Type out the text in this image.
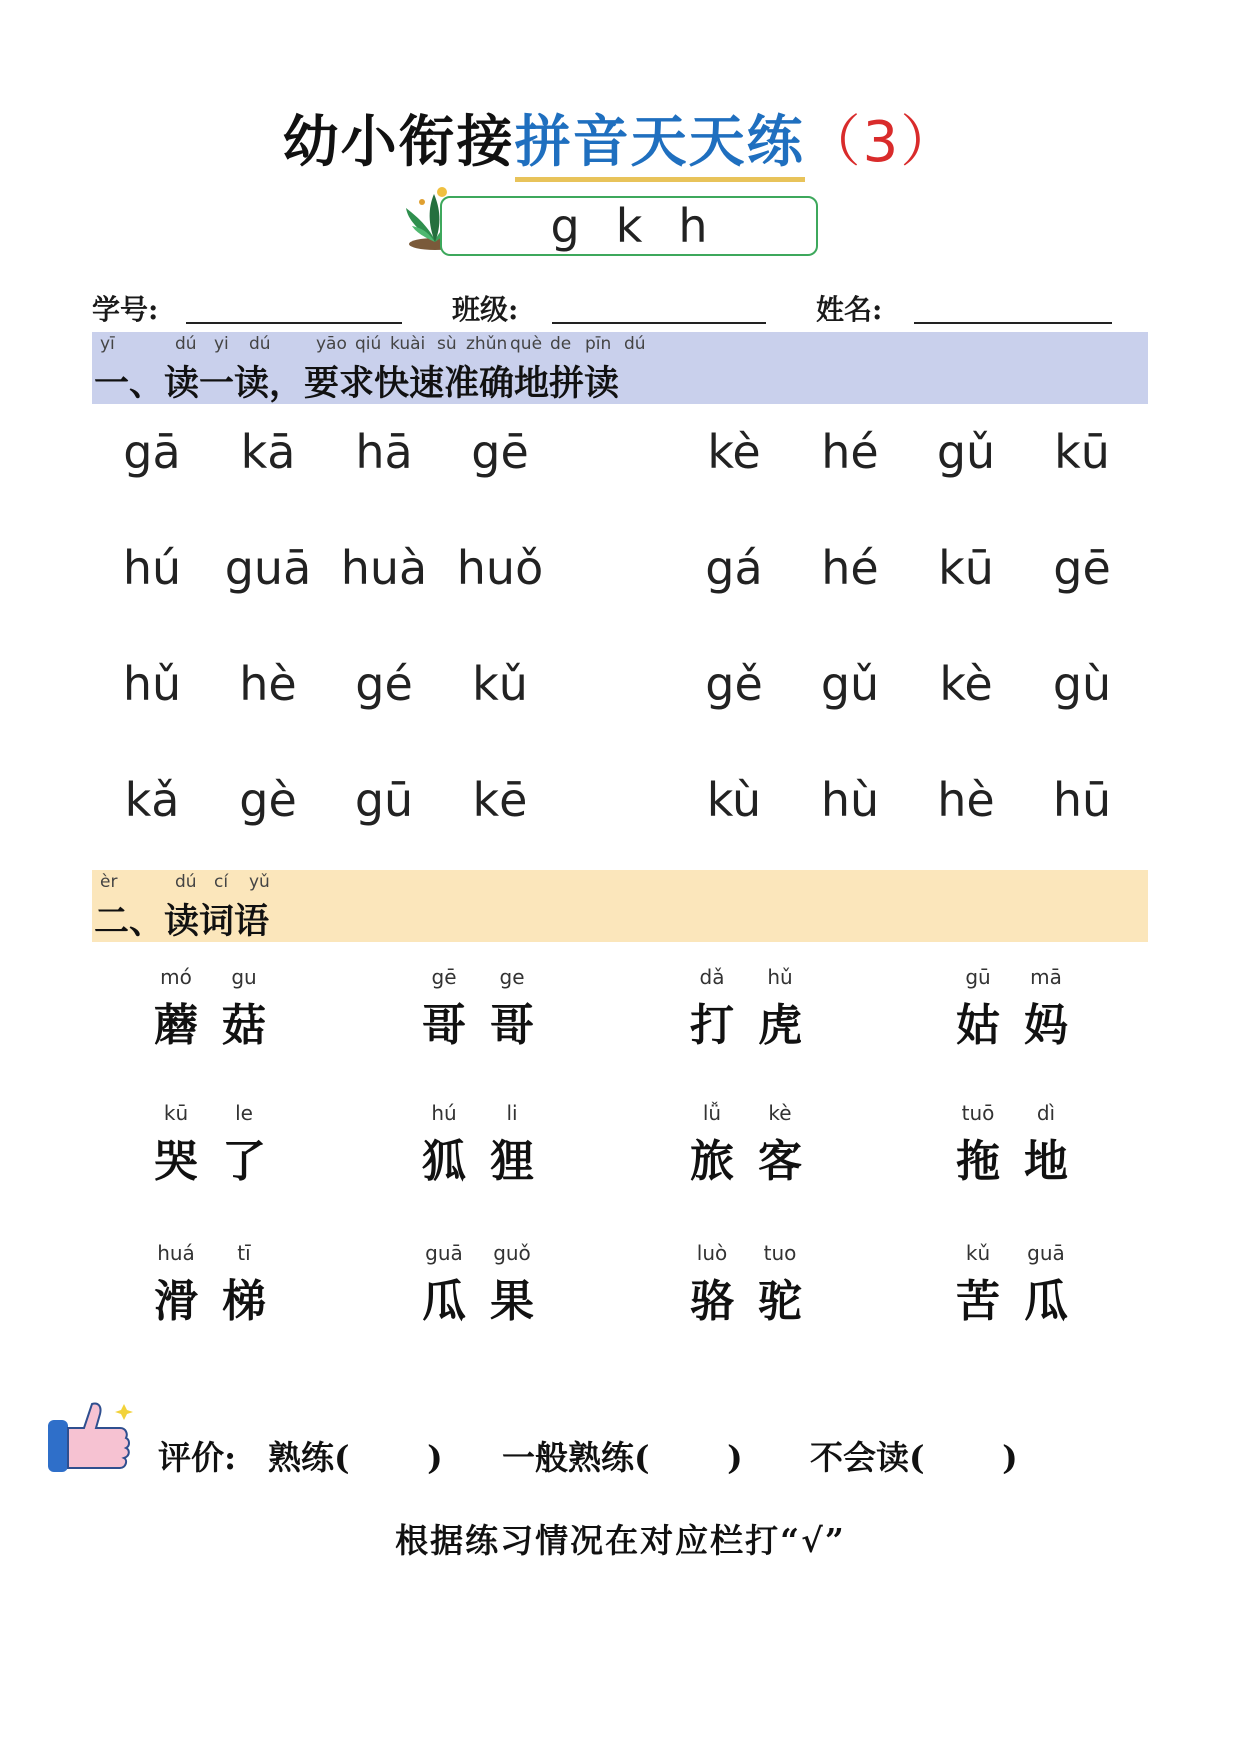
幼小衔接拼音天天练（3）
g k h
学号:	班级:	姓名:
yī	dú yi dú	yāo qiú kuài sù zhǔn què de pīn dú
一、读一读，要求快速准确地拼读
gā	kā	hā	gē	kè	hé	gǔ	kū
hú guā huà huǒ	gá	hé	kū	gē
hǔ	hè	gé	kǔ	gě	gǔ	kè	gù
kǎ	gè	gū	kē	kù	hù	hè	hū
èr	dú cí yǔ
二、读词语
mó	gu
蘑 菇
gē	ge
哥 哥
dǎ	hǔ
打 虎
gū	mā
姑 妈
kū	le
哭 了
hú	li
狐 狸
lǚ	kè
旅 客
tuō	dì
拖 地
huá	tī
滑 梯
guā	guǒ
瓜 果
luò	tuo
骆 驼
kǔ	guā
苦 瓜
评价: 熟练(　　 ) 一般熟练(　　 ) 不会读(　　 )
根据练习情况在对应栏打“√”
